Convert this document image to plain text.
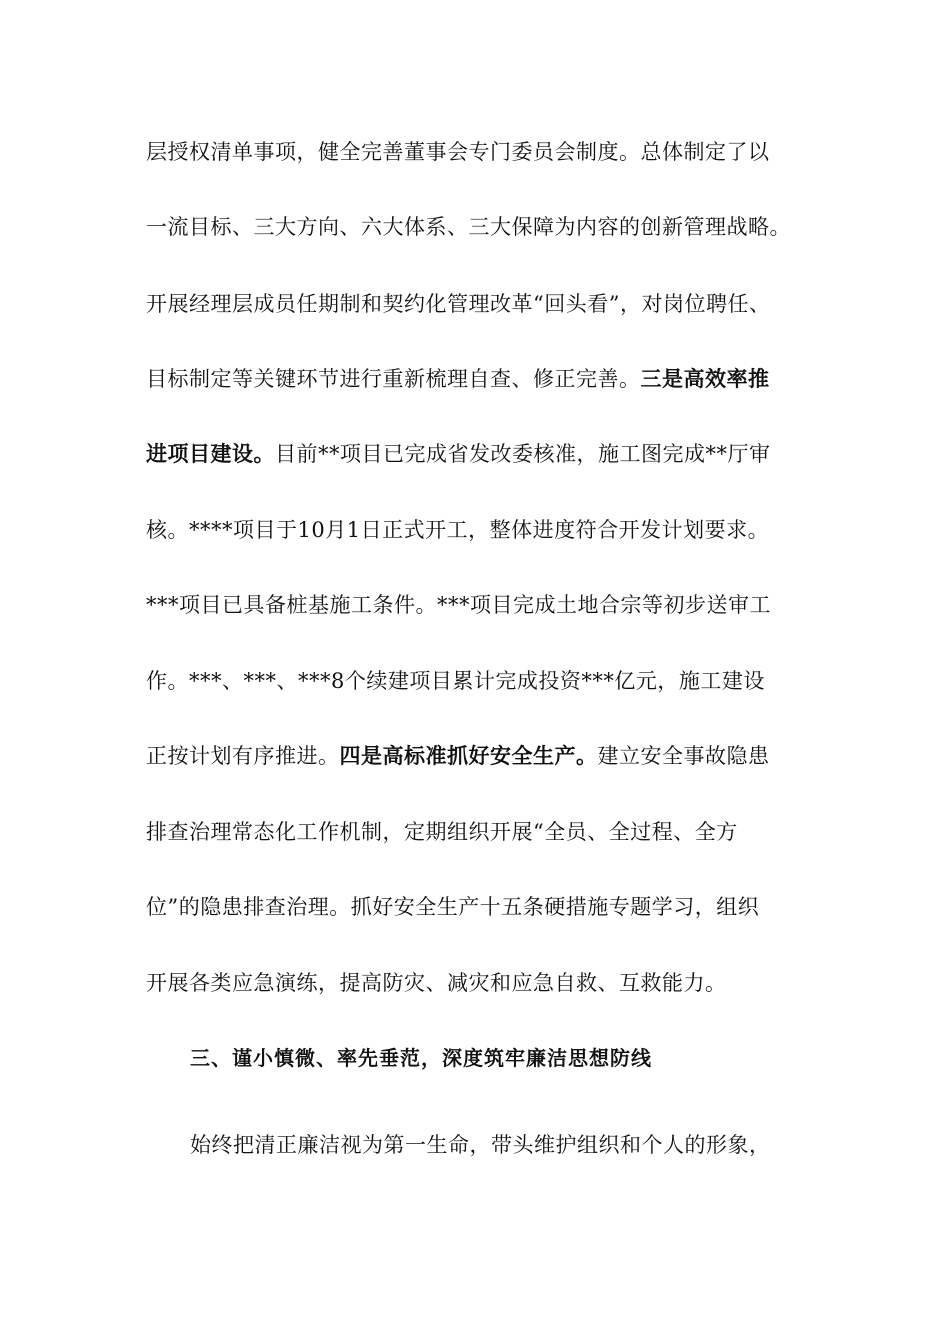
层授权清单事项，健全完善董事会专门委员会制度。总体制定了以
一流目标、三大方向、六大体系、三大保障为内容的创新管理战略。
开展经理层成员任期制和契约化管理改革“回头看”，对岗位聘任、
目标制定等关键环节进行重新梳理自查、修正完善。三是高效率推
进项目建设。目前**项目已完成省发改委核准，施工图完成**厅审
核。****项目于10月1日正式开工，整体进度符合开发计划要求。
***项目已具备桩基施工条件。***项目完成土地合宗等初步送审工
作。***、***、***8个续建项目累计完成投资***亿元，施工建设
正按计划有序推进。四是高标准抓好安全生产。建立安全事故隐患
排查治理常态化工作机制，定期组织开展“全员、全过程、全方
位”的隐患排查治理。抓好安全生产十五条硬措施专题学习，组织
开展各类应急演练，提高防灾、减灾和应急自救、互救能力。
三、谨小慎微、率先垂范，深度筑牢廉洁思想防线
始终把清正廉洁视为第一生命，带头维护组织和个人的形象，
